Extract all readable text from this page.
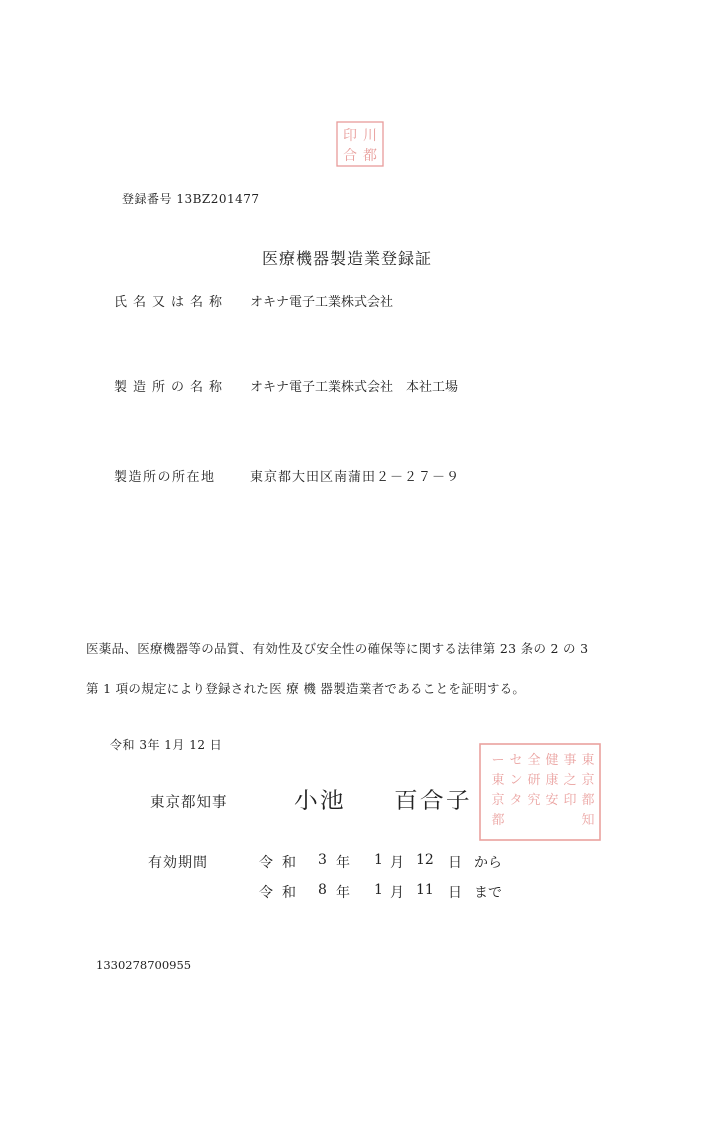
川
都
印
合
登録番号 13BZ201477
医療機器製造業登録証
氏名又は名称 オキナ電子工業株式会社
製造所の名称 オキナ電子工業株式会社　本社工場
製造所の所在地	東京都大田区南蒲田２－２７－９
医薬品、医療機器等の品質、有効性及び安全性の確保等に関する法律第 23 条の 2 の 3
第 1 項の規定により登録された医 療 機 器製造業者であることを証明する。
令和 3年 1月 12 日
東
京
都
知
事
之
印
健
康
安
全
研
究
セ
ン
タ
ー
東
京
都
東京都知事	小池 百合子
有効期間	令 和 3 年 1 月 12 日 から
令 和 8 年 1 月 11 日 まで
1330278700955
